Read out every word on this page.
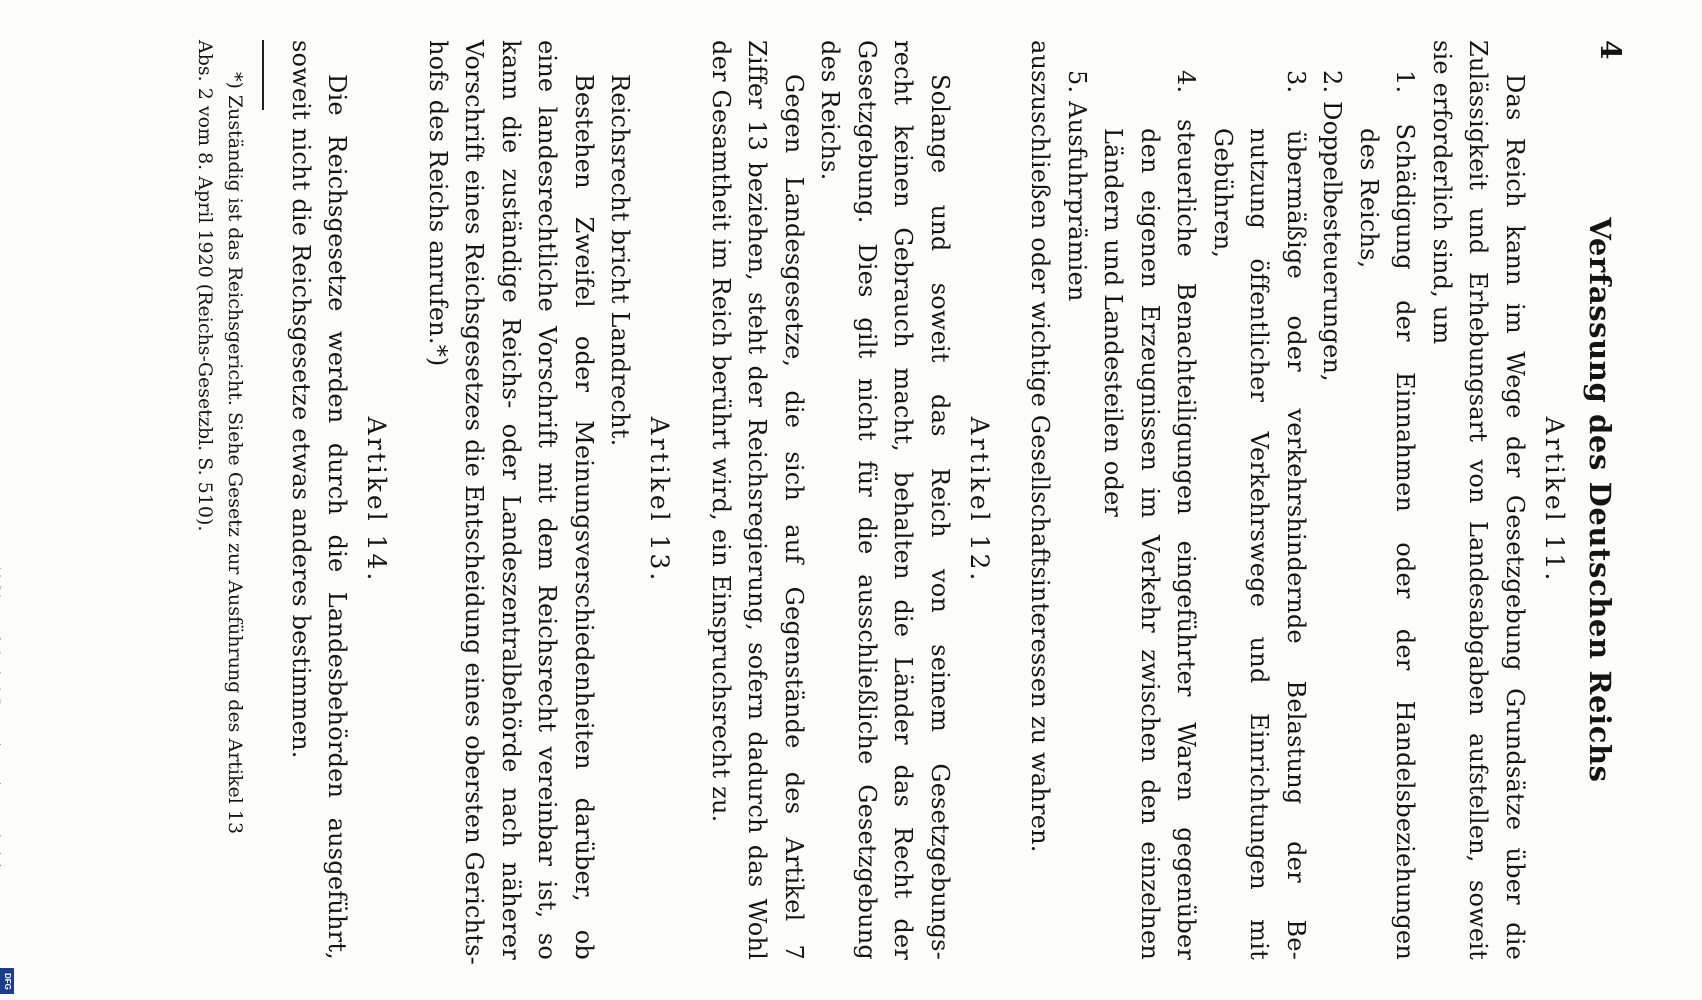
4
Verfassung des Deutschen Reichs
Artikel 11.
Das Reich kann im Wege der Gesetzgebung Grundsätze über die
Zulässigkeit und Erhebungsart von Landesabgaben aufstellen, soweit
sie erforderlich sind, um
1. Schädigung der Einnahmen oder der Handelsbeziehungen
des Reichs,
2. Doppelbesteuerungen,
3. übermäßige oder verkehrshindernde Belastung der Be-
nutzung öffentlicher Verkehrswege und Einrichtungen mit
Gebühren,
4. steuerliche Benachteiligungen eingeführter Waren gegenüber
den eigenen Erzeugnissen im Verkehr zwischen den einzelnen
Ländern und Landesteilen oder
5. Ausfuhrprämien
auszuschließen oder wichtige Gesellschaftsinteressen zu wahren.
Artikel 12.
Solange und soweit das Reich von seinem Gesetzgebungs-
recht keinen Gebrauch macht, behalten die Länder das Recht der
Gesetzgebung. Dies gilt nicht für die ausschließliche Gesetzgebung
des Reichs.
Gegen Landesgesetze, die sich auf Gegenstände des Artikel 7
Ziffer 13 beziehen, steht der Reichsregierung, sofern dadurch das Wohl
der Gesamtheit im Reich berührt wird, ein Einspruchsrecht zu.
Artikel 13.
Reichsrecht bricht Landrecht.
Bestehen Zweifel oder Meinungsverschiedenheiten darüber, ob
eine landesrechtliche Vorschrift mit dem Reichsrecht vereinbar ist, so
kann die zuständige Reichs- oder Landeszentralbehörde nach näherer
Vorschrift eines Reichsgesetzes die Entscheidung eines obersten Gerichts-
hofs des Reichs anrufen.*)
Artikel 14.
Die Reichsgesetze werden durch die Landesbehörden ausgeführt,
soweit nicht die Reichsgesetze etwas anderes bestimmen.
*) Zuständig ist das Reichsgericht. Siehe Gesetz zur Ausführung des Artikel 13
Abs. 2 vom 8. April 1920 (Reichs-Gesetzbl. S. 510).
DFG
